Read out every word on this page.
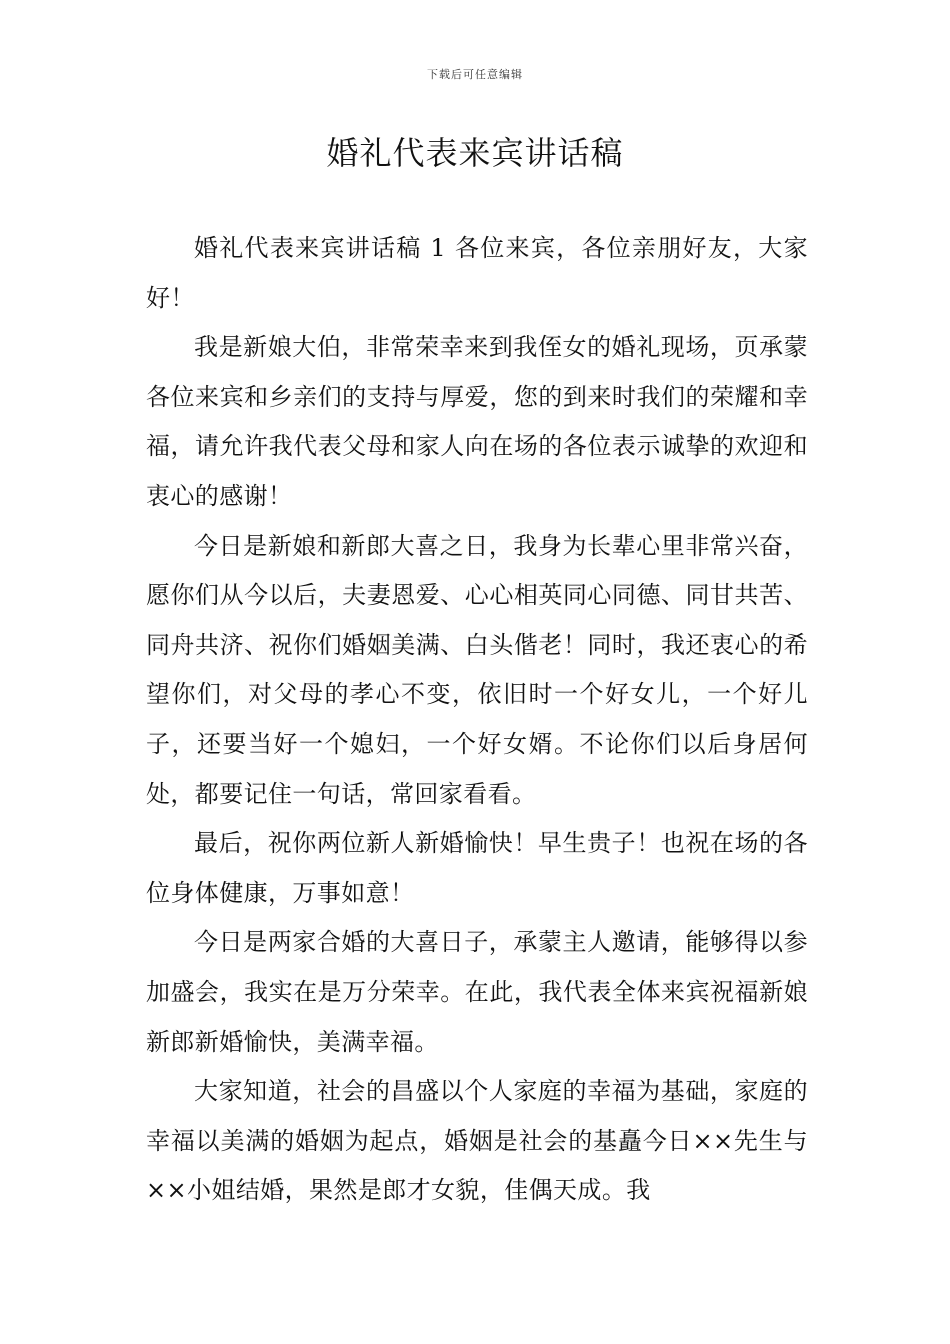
下载后可任意编辑
婚礼代表来宾讲话稿

婚礼代表来宾讲话稿 1 各位来宾，各位亲朋好友，大家好！

我是新娘大伯，非常荣幸来到我侄女的婚礼现场，页承蒙各位来宾和乡亲们的支持与厚爱，您的到来时我们的荣耀和幸福，请允许我代表父母和家人向在场的各位表示诚挚的欢迎和衷心的感谢！

今日是新娘和新郎大喜之日，我身为长辈心里非常兴奋，愿你们从今以后，夫妻恩爱、心心相英同心同德、同甘共苦、同舟共济、祝你们婚姻美满、白头偕老！同时，我还衷心的希望你们，对父母的孝心不变，依旧时一个好女儿，一个好儿子，还要当好一个媳妇，一个好女婿。不论你们以后身居何处，都要记住一句话，常回家看看。

最后，祝你两位新人新婚愉快！早生贵子！也祝在场的各位身体健康，万事如意！

今日是两家合婚的大喜日子，承蒙主人邀请，能够得以参加盛会，我实在是万分荣幸。在此，我代表全体来宾祝福新娘新郎新婚愉快，美满幸福。

大家知道，社会的昌盛以个人家庭的幸福为基础，家庭的幸福以美满的婚姻为起点，婚姻是社会的基矗今日××先生与××小姐结婚，果然是郎才女貌，佳偶天成。我
